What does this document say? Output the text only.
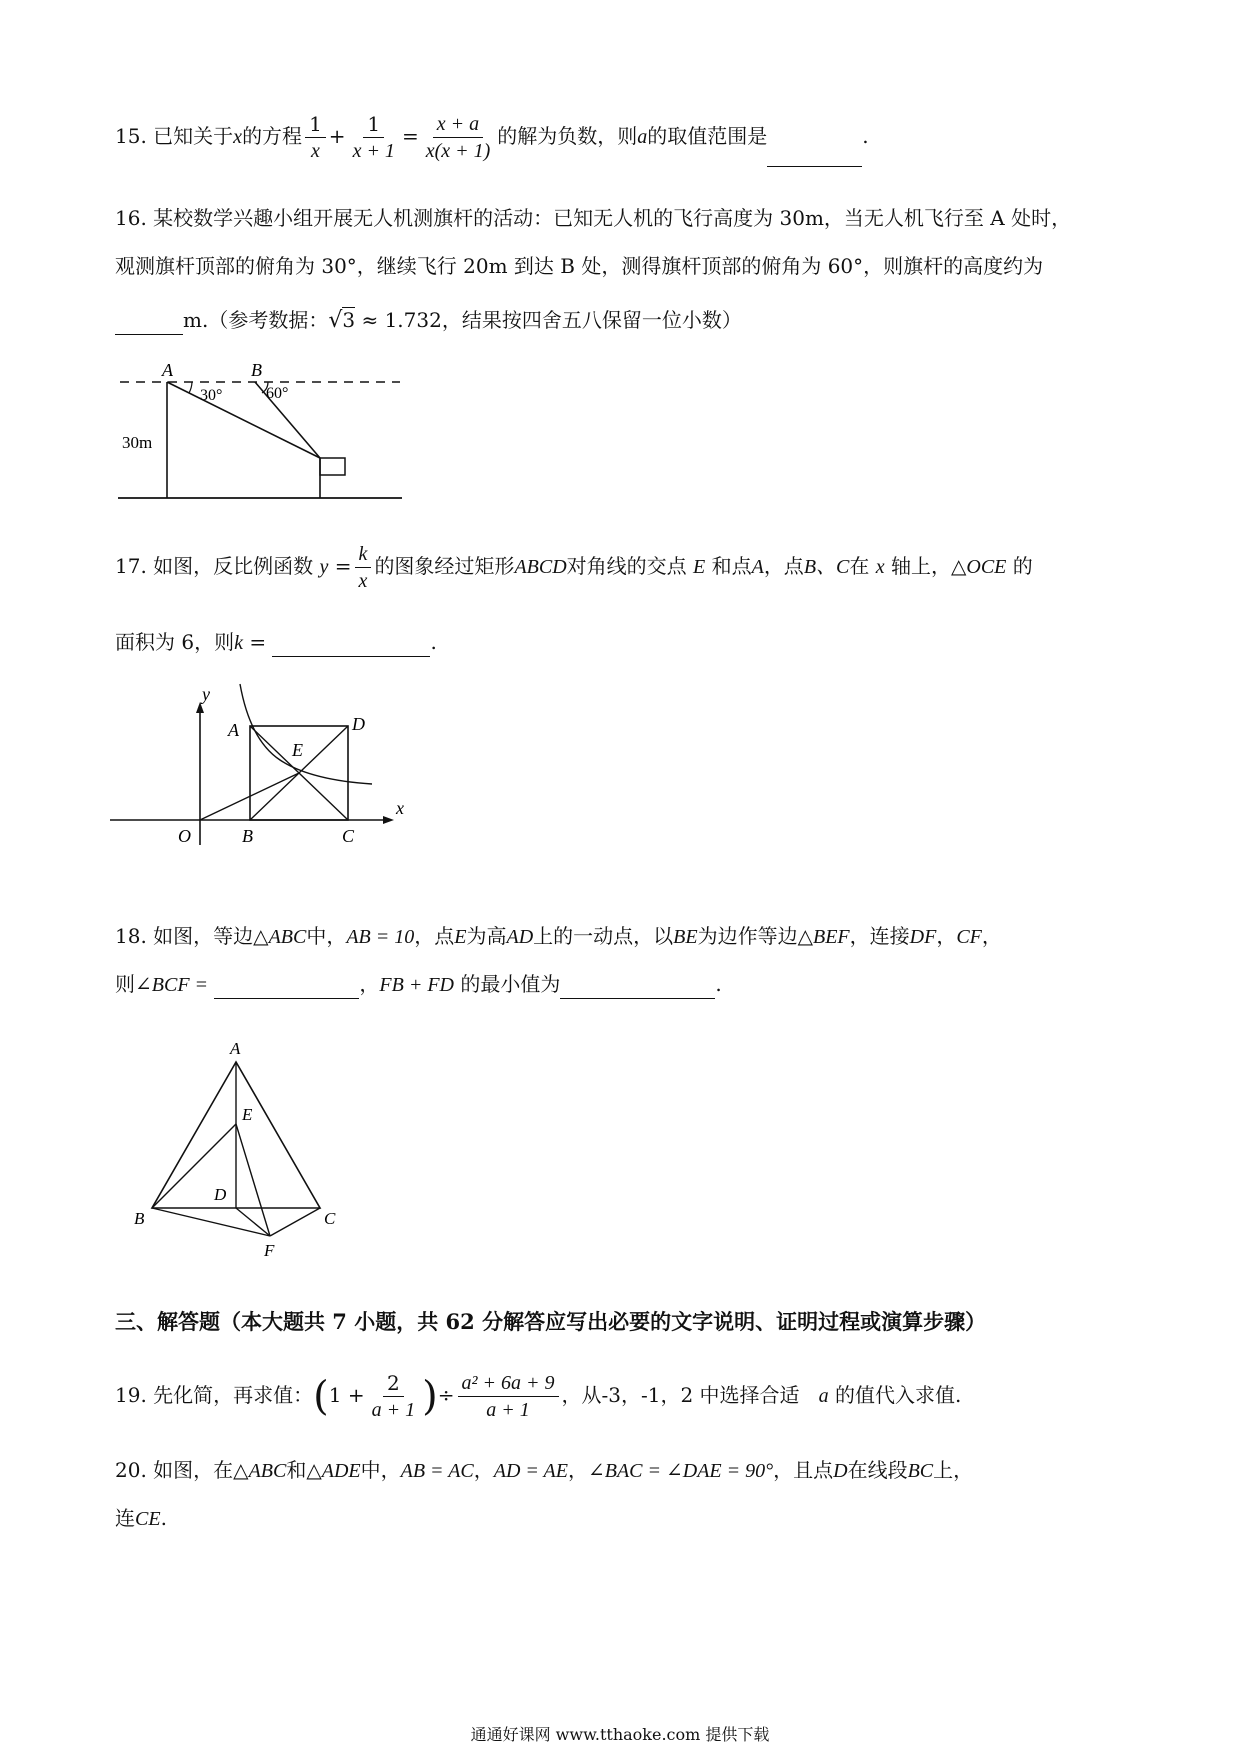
15. 已知关于x的方程 $\frac{1}{x} + \frac{1}{x + 1} = \frac{x + a}{x(x + 1)}$ 的解为负数，则a的取值范围是	.
16. 某校数学兴趣小组开展无人机测旗杆的活动：已知无人机的飞行高度为 30m，当无人机飞行至 A 处时，
观测旗杆顶部的俯角为 30°，继续飞行 20m 到达 B 处，测得旗杆顶部的俯角为 60°，则旗杆的高度约为
m.（参考数据：√3 ≈ 1.732，结果按四舍五八保留一位小数）
A	B
30°	60°
30m
17. 如图，反比例函数 $y = \frac{k}{x}$ 的图象经过矩形ABCD对角线的交点 E 和点A，点B、C在 x 轴上，△OCE 的
面积为 6，则k =	.
y
x
O
A
B	C
D
E
18. 如图，等边△ABC中，AB = 10，点E为高AD上的一动点，以BE为边作等边△BEF，连接DF，CF，
则∠BCF =	，FB + FD 的最小值为	.
A
E
D
B	C
F
三、解答题（本大题共 7 小题，共 62 分解答应写出必要的文字说明、证明过程或演算步骤）
19. 先化简，再求值：($1 + \frac{2}{a + 1}$ )÷ $\frac{\text{a² + 6a + 9}}{a + 1}$ ，从-3，-1，2 中选择合适 a 的值代入求值.
20. 如图，在△ABC和△ADE中，AB = AC，AD = AE，∠BAC = ∠DAE = 90°，且点D在线段BC上，
连CE.
通通好课网 www.tthaoke.com 提供下载
